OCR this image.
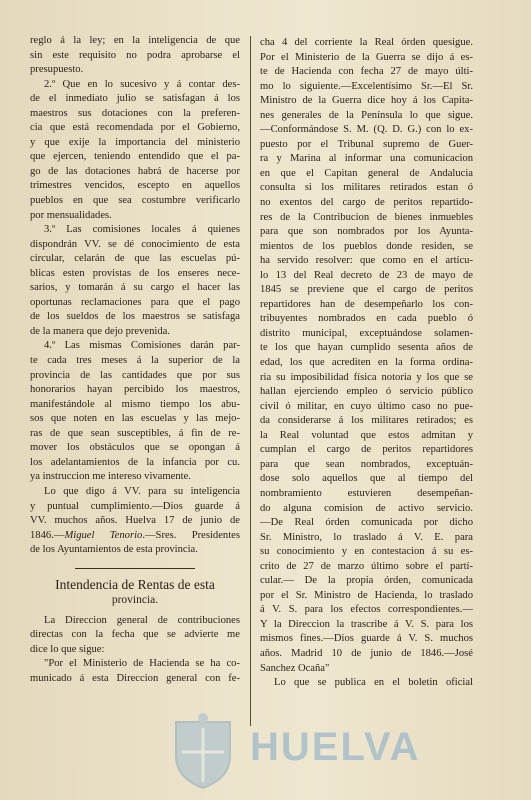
reglo á la ley; en la inteligencia de que
sin este requisito no podra aprobarse el
presupuesto.
2.º Que en lo sucesivo y á contar des-
de el inmediato julio se satisfagan á los
maestros sus dotaciones con la preferen-
cia que está recomendada por el Gobierno,
y que exije la importancia del ministerio
que ejercen, teniendo entendido que el pa-
go de las dotaciones habrá de hacerse por
trimestres vencidos, escepto en aquellos
pueblos en que sea costumbre verificarlo
por mensualidades.
3.º Las comisiones locales á quienes
dispondrán VV. se dé conocimiento de esta
circular, celarán de que las escuelas pú-
blicas esten provistas de los enseres nece-
sarios, y tomarán á su cargo el hacer las
oportunas reclamaciones para que el pago
de los sueldos de los maestros se satisfaga
de la manera que dejo prevenida.
4.º Las mismas Comisiones darán par-
te cada tres meses á la superior de la
provincia de las cantidades que por sus
honorarios hayan percibido los maestros,
manifestándole al mismo tiempo los abu-
sos que noten en las escuelas y las mejo-
ras de que sean susceptibles, á fin de re-
mover los obstáculos que se opongan á
los adelantamientos de la infancia por cu.
ya instruccion me intereso vivamente.
Lo que digo á VV. para su inteligencia
y puntual cumplimiento.—Dios guarde á
VV. muchos años. Huelva 17 de junio de
1846.—Miguel Tenorio.—Sres. Presidentes
de los Ayuntamientos de esta provincia.
Intendencia de Rentas de esta
provincia.
La Direccion general de contribuciones
directas con la fecha que se advierte me
dice lo que sigue:
"Por el Ministerio de Hacienda se ha co-
municado á esta Direccion general con fe-
cha 4 del corriente la Real órden quesigue.
Por el Ministerio de la Guerra se dijo á es-
te de Hacienda con fecha 27 de mayo últi-
mo lo siguiente.—Excelentísimo Sr.—El Sr.
Ministro de la Guerra dice hoy á los Capita-
nes generales de la Península lo que sigue.
—Conformándose S. M. (Q. D. G.) con lo ex-
puesto por el Tribunal supremo de Guer-
ra y Marina al informar una comunicacion
en que el Capitan general de Andalucia
consulta si los militares retirados estan ó
no exentos del cargo de peritos repartido-
res de la Contribucion de bienes inmuebles
para que son nombrados por los Ayunta-
mientos de los pueblos donde residen, se
ha servido resolver: que como en el artícu-
lo 13 del Real decreto de 23 de mayo de
1845 se previene que el cargo de peritos
repartidores han de desempeñarlo los con-
tribuyentes nombrados en cada pueblo ó
distrito municipal, exceptuándose solamen-
te los que hayan cumplido sesenta años de
edad, los que acrediten en la forma ordina-
ria su imposibilidad física notoria y los que se
hallan ejerciendo empleo ó servicio público
civil ó militar, en cuyo último caso no pue-
da considerarse á los militares retirados; es
la Real voluntad que estos admitan y
cumplan el cargo de peritos repartidores
para que sean nombrados, exceptuán-
dose solo aquellos que al tiempo del
nombramiento estuvieren desempeñan-
do alguna comision de activo servicio.
—De Real órden comunicada por dicho
Sr. Ministro, lo traslado á V. E. para
su conocimiento y en contestacion á su es-
crito de 27 de marzo último sobre el partí-
cular.— De la propia órden, comunicada
por el Sr. Ministro de Hacienda, lo traslado
á V. S. para los efectos correspondientes.—
Y la Direccion la trascribe á V. S. para los
mismos fines.—Dios guarde á V. S. muchos
años. Madrid 10 de junio de 1846.—José
Sanchez Ocaña"
Lo que se publica en el boletin oficial
HUELVA
